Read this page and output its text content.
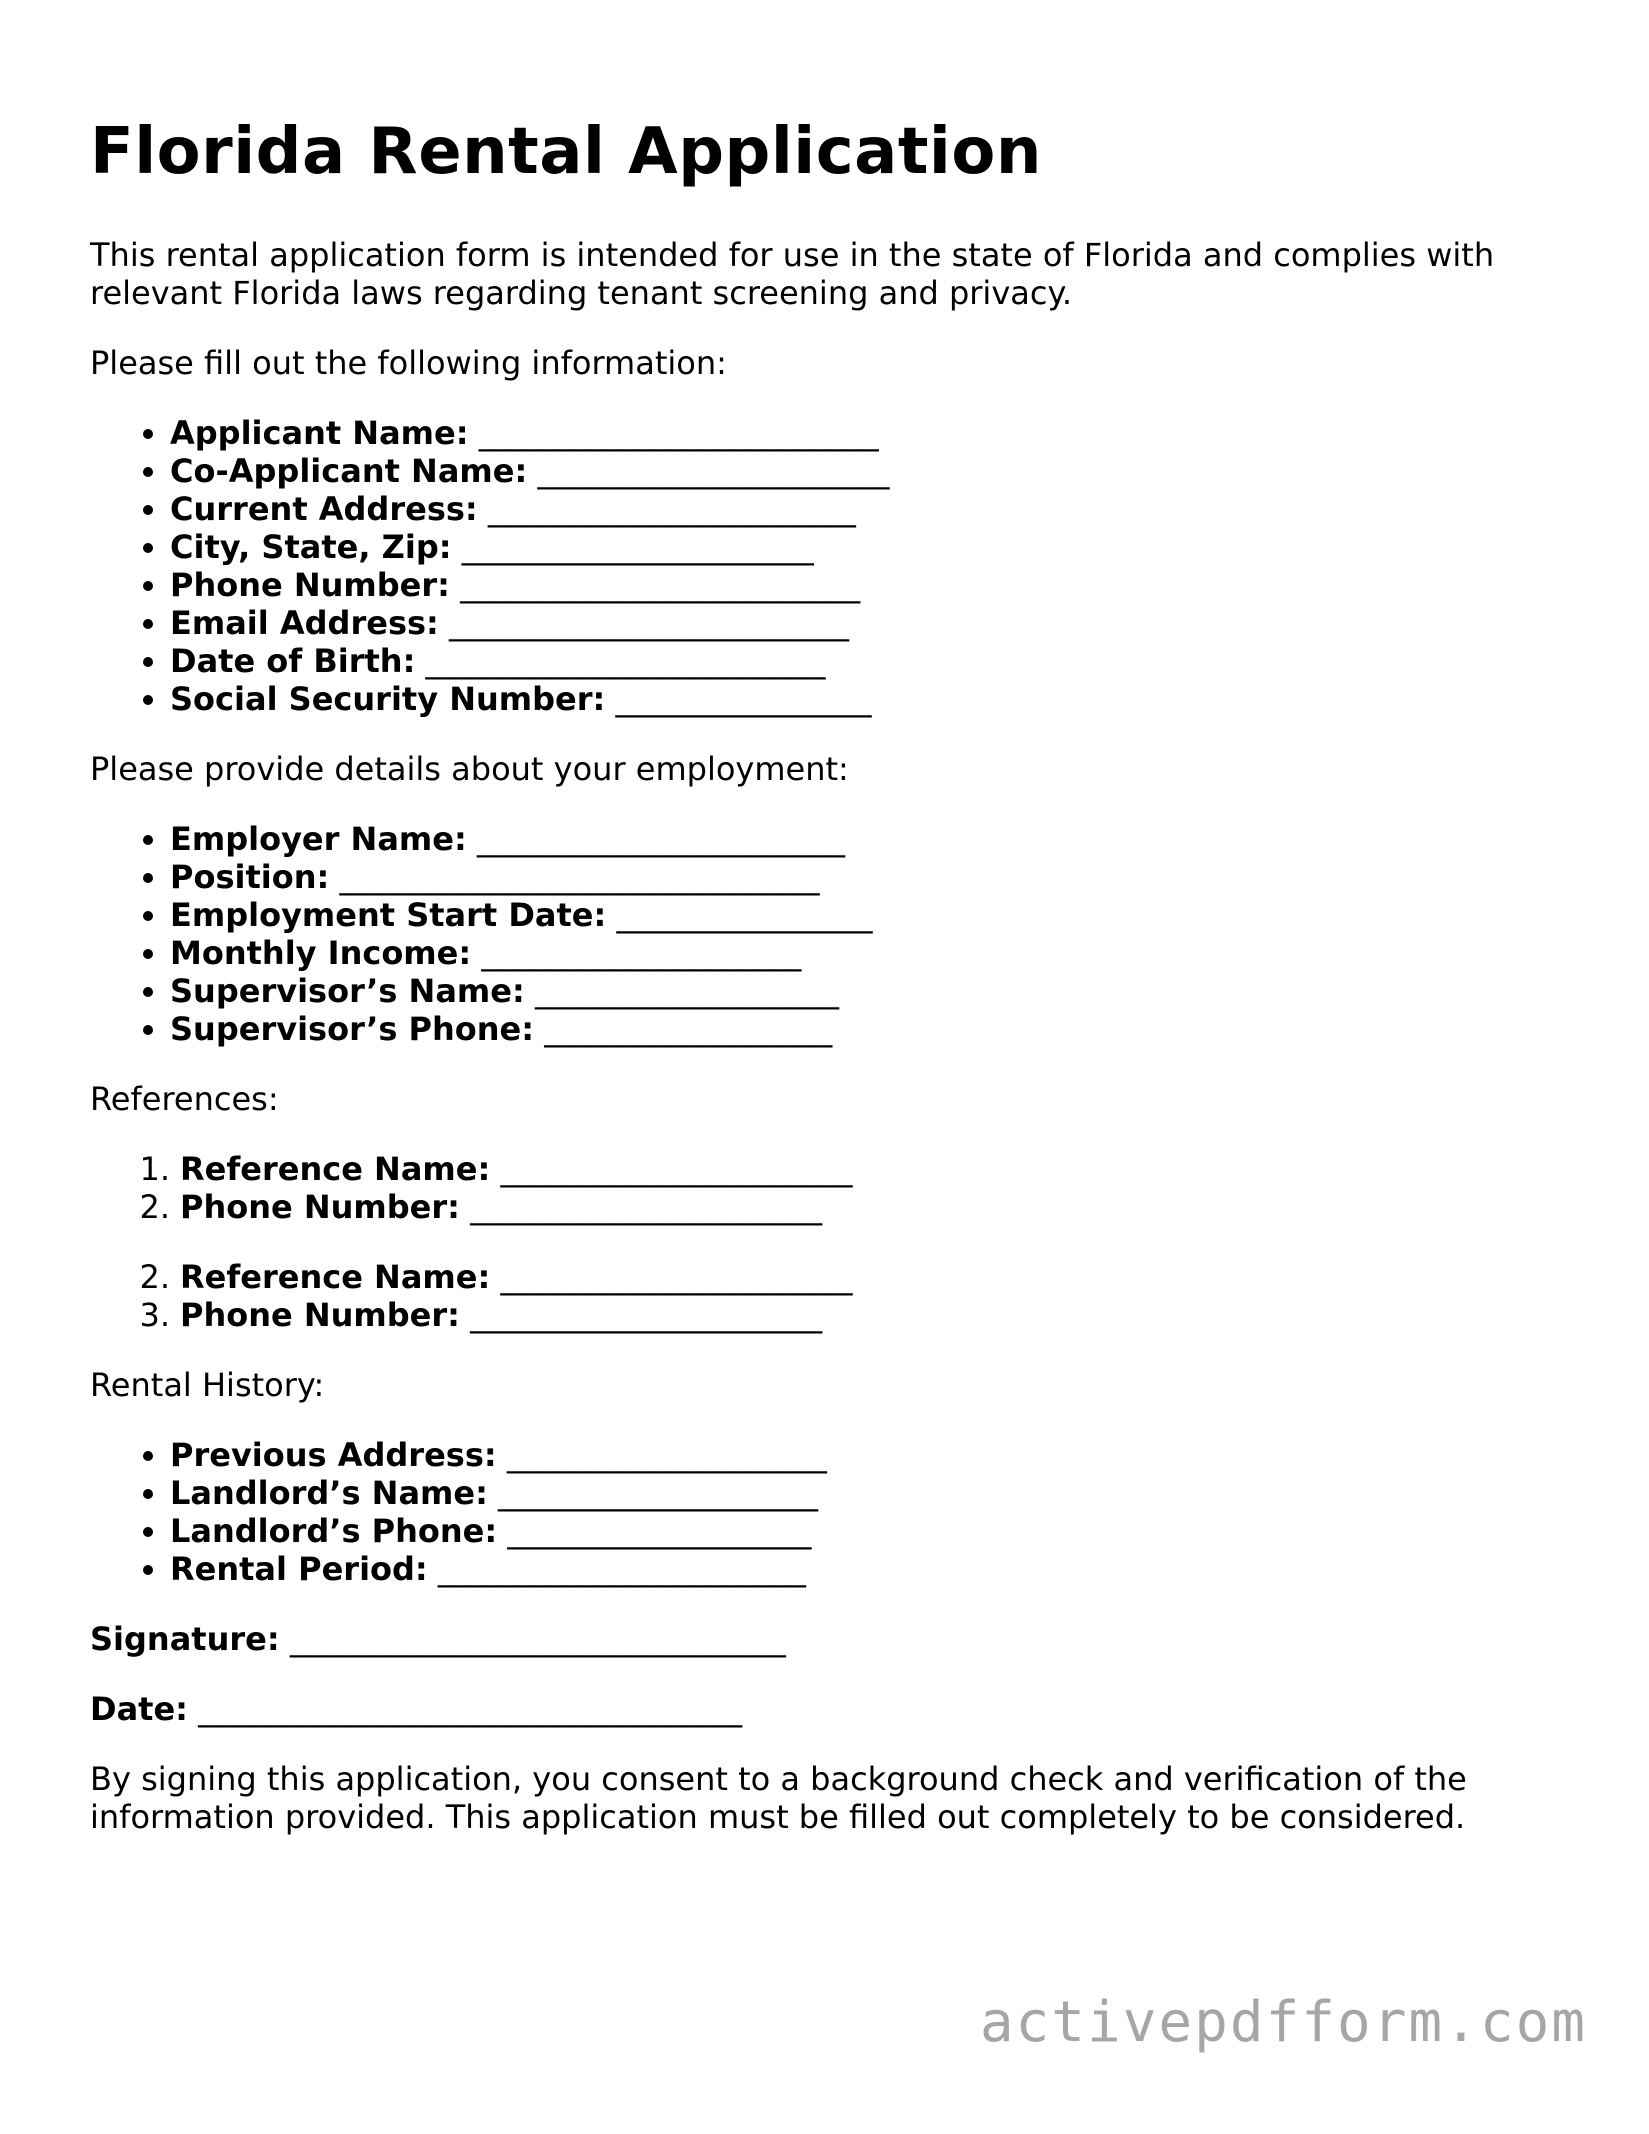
Florida Rental Application

This rental application form is intended for use in the state of Florida and complies with relevant Florida laws regarding tenant screening and privacy.

Please fill out the following information:

• Applicant Name: _________________________
• Co-Applicant Name: ______________________
• Current Address: _______________________
• City, State, Zip: ______________________
• Phone Number: _________________________
• Email Address: _________________________
• Date of Birth: _________________________
• Social Security Number: ________________

Please provide details about your employment:

• Employer Name: _______________________
• Position: ______________________________
• Employment Start Date: ________________
• Monthly Income: ____________________
• Supervisor’s Name: ___________________
• Supervisor’s Phone: __________________

References:

1. Reference Name: ______________________
2. Phone Number: ______________________
2. Reference Name: ______________________
3. Phone Number: ______________________

Rental History:

• Previous Address: ____________________
• Landlord’s Name: ____________________
• Landlord’s Phone: ___________________
• Rental Period: _______________________
Signature: _______________________________
Date: __________________________________

By signing this application, you consent to a background check and verification of the information provided. This application must be filled out completely to be considered.

activepdfform.com
